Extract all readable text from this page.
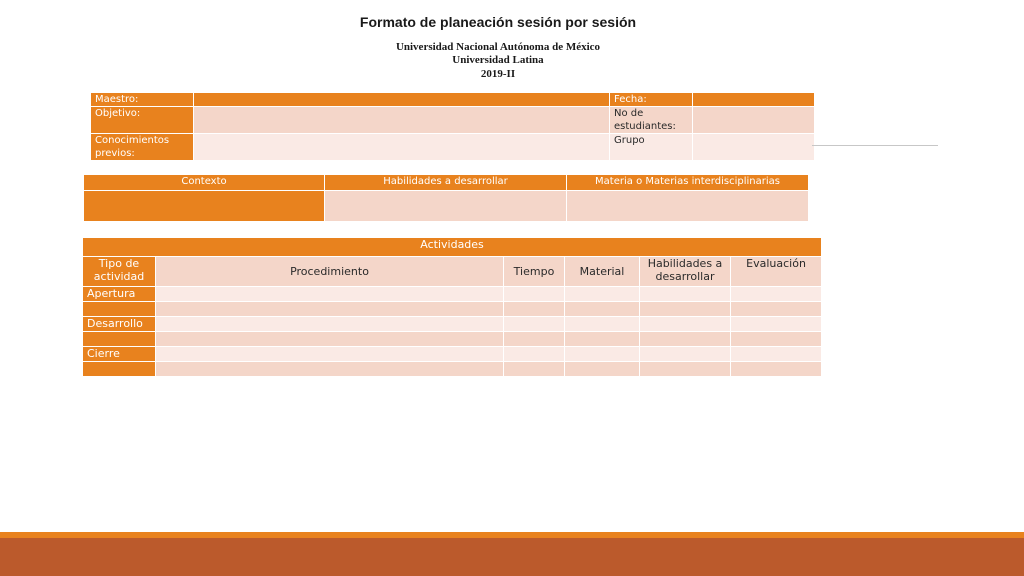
Formato de planeación sesión por sesión
Universidad Nacional Autónoma de México
Universidad Latina
2019-II
Maestro:		Fecha:	
Objetivo:		No de estudiantes:	
Conocimientos previos:		Grupo	
Contexto	Habilidades a desarrollar	Materia o Materias interdisciplinarias

Actividades					
Tipo de actividad	Procedimiento	Tiempo	Material	Habilidades a desarrollar	Evaluación
Apertura					

Desarrollo					

Cierre					
